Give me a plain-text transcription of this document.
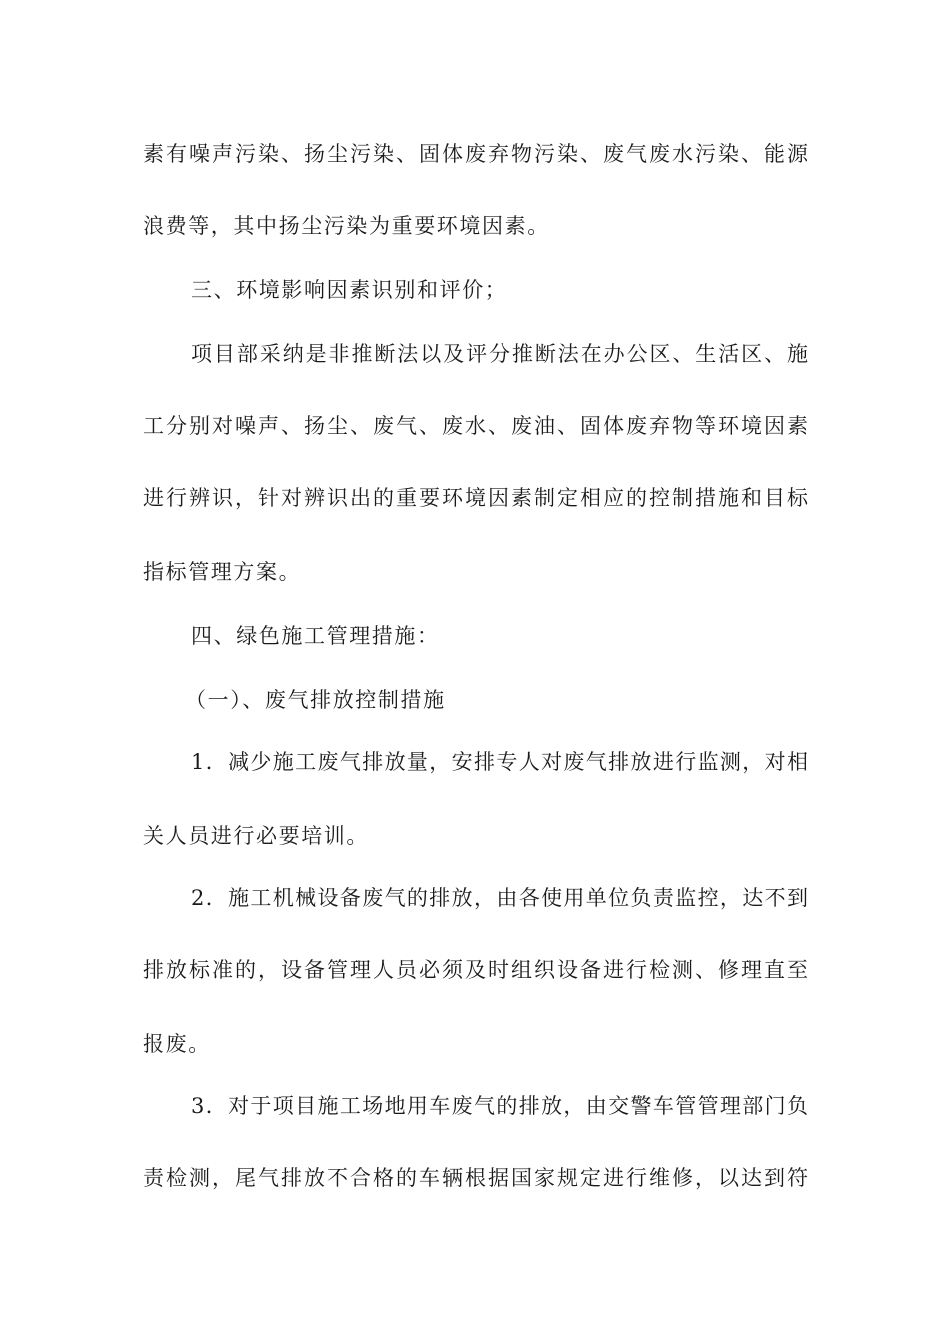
素有噪声污染、扬尘污染、固体废弃物污染、废气废水污染、能源
浪费等，其中扬尘污染为重要环境因素。
三、环境影响因素识别和评价；
项目部采纳是非推断法以及评分推断法在办公区、生活区、施
工分别对噪声、扬尘、废气、废水、废油、固体废弃物等环境因素
进行辨识，针对辨识出的重要环境因素制定相应的控制措施和目标
指标管理方案。
四、绿色施工管理措施：
（一）、废气排放控制措施
1．减少施工废气排放量，安排专人对废气排放进行监测，对相
关人员进行必要培训。
2．施工机械设备废气的排放，由各使用单位负责监控，达不到
排放标准的，设备管理人员必须及时组织设备进行检测、修理直至
报废。
3．对于项目施工场地用车废气的排放，由交警车管管理部门负
责检测，尾气排放不合格的车辆根据国家规定进行维修，以达到符
